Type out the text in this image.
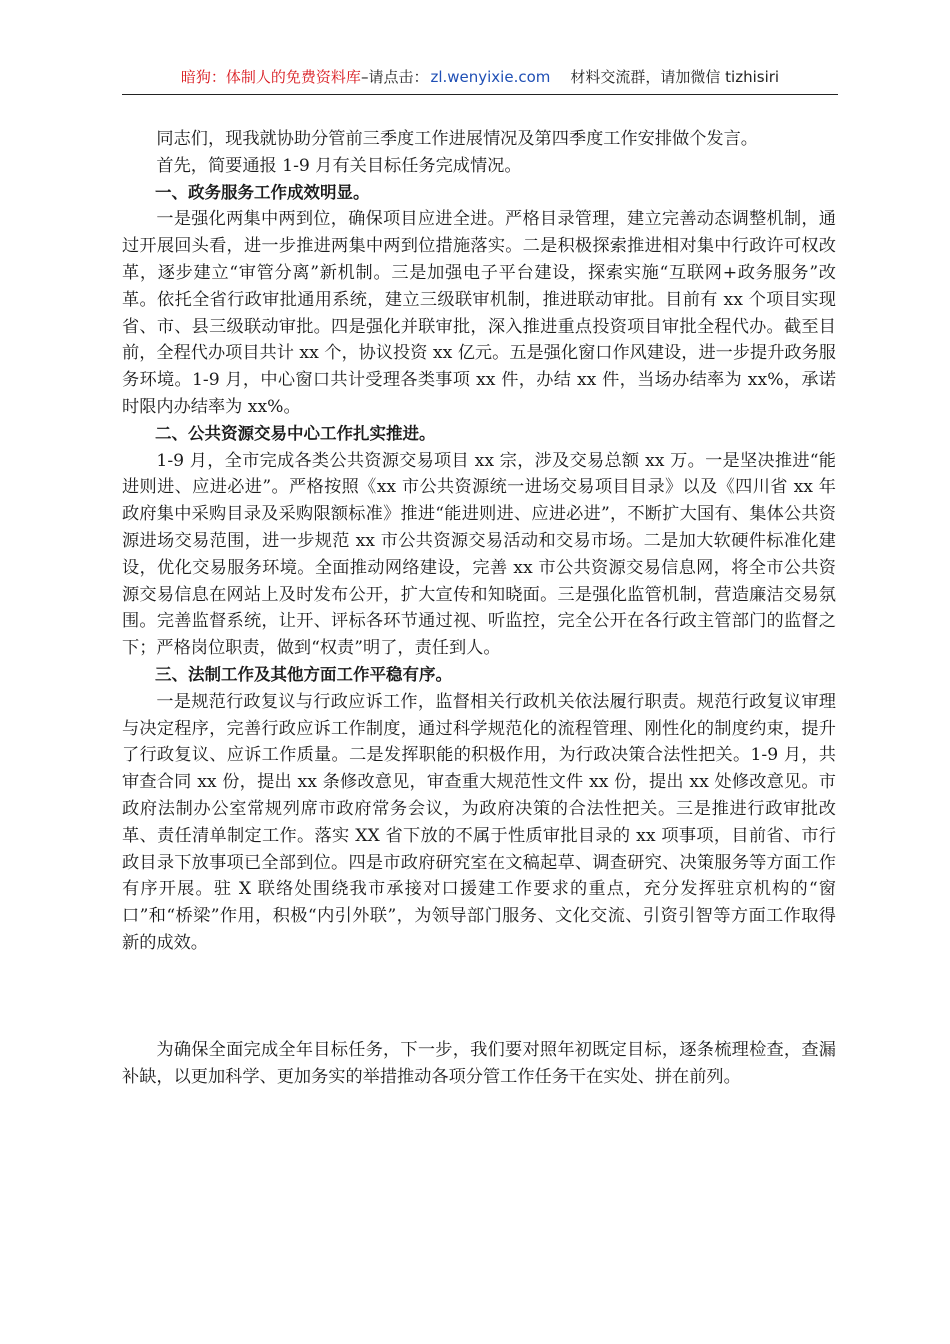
暗狗：体制人的免费资料库 –请点击： zl.wenyixie.com 材料交流群，请加微信 tizhisiri

同志们，现我就协助分管前三季度工作进展情况及第四季度工作安排做个发言。

首先，简要通报 1-9 月有关目标任务完成情况。

一、政务服务工作成效明显。

一是强化两集中两到位，确保项目应进全进。严格目录管理，建立完善动态调整机制，通过开展回头看，进一步推进两集中两到位措施落实。二是积极探索推进相对集中行政许可权改革，逐步建立“审管分离”新机制。三是加强电子平台建设，探索实施“互联网+政务服务”改革。依托全省行政审批通用系统，建立三级联审机制，推进联动审批。目前有 xx 个项目实现省、市、县三级联动审批。四是强化并联审批，深入推进重点投资项目审批全程代办。截至目前，全程代办项目共计 xx 个，协议投资 xx 亿元。五是强化窗口作风建设，进一步提升政务服务环境。1-9 月，中心窗口共计受理各类事项 xx 件，办结 xx 件，当场办结率为 xx%，承诺时限内办结率为 xx%。

二、公共资源交易中心工作扎实推进。

1-9 月，全市完成各类公共资源交易项目 xx 宗，涉及交易总额 xx 万。一是坚决推进“能进则进、应进必进”。严格按照《xx 市公共资源统一进场交易项目目录》以及《四川省 xx 年政府集中采购目录及采购限额标准》推进“能进则进、应进必进”，不断扩大国有、集体公共资源进场交易范围，进一步规范 xx 市公共资源交易活动和交易市场。二是加大软硬件标准化建设，优化交易服务环境。全面推动网络建设，完善 xx 市公共资源交易信息网，将全市公共资源交易信息在网站上及时发布公开，扩大宣传和知晓面。三是强化监管机制，营造廉洁交易氛围。完善监督系统，让开、评标各环节通过视、听监控，完全公开在各行政主管部门的监督之下；严格岗位职责，做到“权责”明了，责任到人。

三、法制工作及其他方面工作平稳有序。

一是规范行政复议与行政应诉工作，监督相关行政机关依法履行职责。规范行政复议审理与决定程序，完善行政应诉工作制度，通过科学规范化的流程管理、刚性化的制度约束，提升了行政复议、应诉工作质量。二是发挥职能的积极作用，为行政决策合法性把关。1-9 月，共审查合同 xx 份，提出 xx 条修改意见，审查重大规范性文件 xx 份，提出 xx 处修改意见。市政府法制办公室常规列席市政府常务会议，为政府决策的合法性把关。三是推进行政审批改革、责任清单制定工作。落实 XX 省下放的不属于性质审批目录的 xx 项事项，目前省、市行政目录下放事项已全部到位。四是市政府研究室在文稿起草、调查研究、决策服务等方面工作有序开展。驻 X 联络处围绕我市承接对口援建工作要求的重点，充分发挥驻京机构的“窗口”和“桥梁”作用，积极“内引外联”，为领导部门服务、文化交流、引资引智等方面工作取得新的成效。

为确保全面完成全年目标任务，下一步，我们要对照年初既定目标，逐条梳理检查，查漏补缺，以更加科学、更加务实的举措推动各项分管工作任务干在实处、拼在前列。
